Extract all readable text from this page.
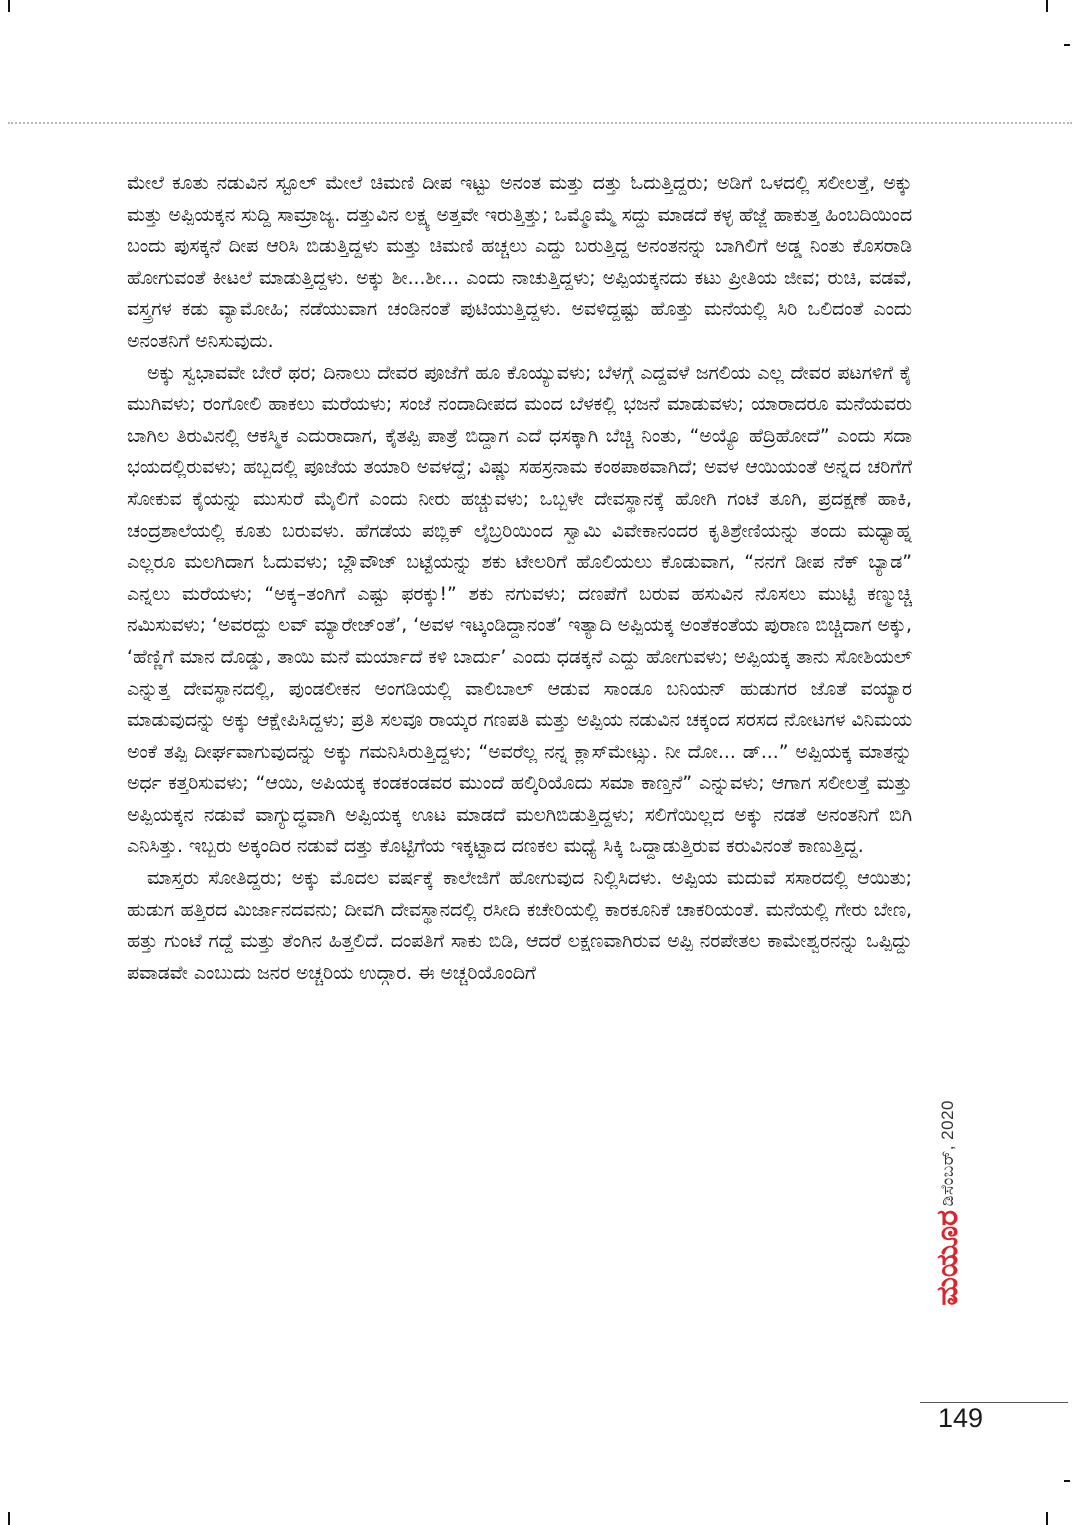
ಮೇಲೆ ಕೂತು ನಡುವಿನ ಸ್ಟೂಲ್ ಮೇಲೆ ಚಿಮಣಿ ದೀಪ ಇಟ್ಟು ಅನಂತ ಮತ್ತು ದತ್ತು ಓದುತ್ತಿದ್ದರು; ಅಡಿಗೆ ಒಳದಲ್ಲಿ ಸಲೀಲತ್ತೆ, ಅಕ್ಕು ಮತ್ತು ಅಪ್ಪಿಯಕ್ಕನ ಸುದ್ದಿ ಸಾಮ್ರಾಜ್ಯ. ದತ್ತುವಿನ ಲಕ್ಷ್ಯ ಅತ್ತವೇ ಇರುತ್ತಿತ್ತು; ಒಮ್ಮೊಮ್ಮೆ ಸದ್ದು ಮಾಡದೆ ಕಳ್ಳ ಹೆಜ್ಜೆ ಹಾಕುತ್ತ ಹಿಂಬದಿಯಿಂದ ಬಂದು ಪುಸಕ್ಕನೆ ದೀಪ ಆರಿಸಿ ಬಿಡುತ್ತಿದ್ದಳು ಮತ್ತು ಚಿಮಣಿ ಹಚ್ಚಲು ಎದ್ದು ಬರುತ್ತಿದ್ದ ಅನಂತನನ್ನು ಬಾಗಿಲಿಗೆ ಅಡ್ಡ ನಿಂತು ಕೊಸರಾಡಿ ಹೋಗುವಂತೆ ಕೀಟಲೆ ಮಾಡುತ್ತಿದ್ದಳು. ಅಕ್ಕು ಶೀ...ಶೀ... ಎಂದು ನಾಚುತ್ತಿದ್ದಳು; ಅಪ್ಪಿಯಕ್ಕನದು ಕಟು ಪ್ರೀತಿಯ ಜೀವ; ರುಚಿ, ವಡವೆ, ವಸ್ತ್ರಗಳ ಕಡು ವ್ಯಾಮೋಹಿ; ನಡೆಯುವಾಗ ಚಂಡಿನಂತೆ ಪುಟಿಯುತ್ತಿದ್ದಳು. ಅವಳಿದ್ದಷ್ಟು ಹೊತ್ತು ಮನೆಯಲ್ಲಿ ಸಿರಿ ಒಲಿದಂತೆ ಎಂದು ಅನಂತನಿಗೆ ಅನಿಸುವುದು.

ಅಕ್ಕು ಸ್ವಭಾವವೇ ಬೇರೆ ಥರ; ದಿನಾಲು ದೇವರ ಪೂಜೆಗೆ ಹೂ ಕೊಯ್ಯುವಳು; ಬೆಳಗ್ಗೆ ಎದ್ದವಳೆ ಜಗಲಿಯ ಎಲ್ಲ ದೇವರ ಪಟಗಳಿಗೆ ಕೈ ಮುಗಿವಳು; ರಂಗೋಲಿ ಹಾಕಲು ಮರೆಯಳು; ಸಂಜೆ ನಂದಾದೀಪದ ಮಂದ ಬೆಳಕಲ್ಲಿ ಭಜನೆ ಮಾಡುವಳು; ಯಾರಾದರೂ ಮನೆಯವರು ಬಾಗಿಲ ತಿರುವಿನಲ್ಲಿ ಆಕಸ್ಮಿಕ ಎದುರಾದಾಗ, ಕೈತಪ್ಪಿ ಪಾತ್ರೆ ಬಿದ್ದಾಗ ಎದೆ ಧಸಕ್ಕಾಗಿ ಬೆಚ್ಚಿ ನಿಂತು, “ಅಯ್ಯೊ ಹೆದ್ರಿಹೋದೆ” ಎಂದು ಸದಾ ಭಯದಲ್ಲಿರುವಳು; ಹಬ್ಬದಲ್ಲಿ ಪೂಜೆಯ ತಯಾರಿ ಅವಳದ್ದೆ; ವಿಷ್ಣು ಸಹಸ್ರನಾಮ ಕಂಠಪಾಠವಾಗಿದೆ; ಅವಳ ಆಯಿಯಂತೆ ಅನ್ನದ ಚರಿಗೆಗೆ ಸೋಕುವ ಕೈಯನ್ನು ಮುಸುರೆ ಮೈಲಿಗೆ ಎಂದು ನೀರು ಹಚ್ಚುವಳು; ಒಬ್ಬಳೇ ದೇವಸ್ಥಾನಕ್ಕೆ ಹೋಗಿ ಗಂಟೆ ತೂಗಿ, ಪ್ರದಕ್ಷಣೆ ಹಾಕಿ, ಚಂದ್ರಶಾಲೆಯಲ್ಲಿ ಕೂತು ಬರುವಳು. ಹೆಗಡೆಯ ಪಬ್ಲಿಕ್ ಲೈಬ್ರರಿಯಿಂದ ಸ್ವಾಮಿ ವಿವೇಕಾನಂದರ ಕೃತಿಶ್ರೇಣಿಯನ್ನು ತಂದು ಮಧ್ಯಾಹ್ನ ಎಲ್ಲರೂ ಮಲಗಿದಾಗ ಓದುವಳು; ಬ್ಲೌವೌಜ್ ಬಟ್ಟೆಯನ್ನು ಶಕು ಟೇಲರಿಗೆ ಹೊಲಿಯಲು ಕೊಡುವಾಗ, “ನನಗೆ ಡೀಪ ನೆಕ್ ಬ್ಯಾಡ” ಎನ್ನಲು ಮರೆಯಳು; “ಅಕ್ಕ–ತಂಗಿಗೆ ಎಷ್ಟು ಫರಕ್ಕು!” ಶಕು ನಗುವಳು; ದಣಪೆಗೆ ಬರುವ ಹಸುವಿನ ನೊಸಲು ಮುಟ್ಟಿ ಕಣ್ಮುಚ್ಚಿ ನಮಿಸುವಳು; ‘ಅವರದ್ದು ಲವ್ ಮ್ಯಾರೇಜ್‌ಂತೆ’, ‘ಅವಳ ಇಟ್ಕಂಡಿದ್ದಾನಂತೆ’ ಇತ್ಯಾದಿ ಅಪ್ಪಿಯಕ್ಕ ಅಂತೆಕಂತೆಯ ಪುರಾಣ ಬಿಚ್ಚಿದಾಗ ಅಕ್ಕು, ‘ಹೆಣ್ಣಿಗೆ ಮಾನ ದೊಡ್ಡು, ತಾಯಿ ಮನೆ ಮರ್ಯಾದೆ ಕಳಿ ಬಾರ್ದು’ ಎಂದು ಧಡಕ್ಕನೆ ಎದ್ದು ಹೋಗುವಳು; ಅಪ್ಪಿಯಕ್ಕ ತಾನು ಸೋಶಿಯಲ್ ಎನ್ನುತ್ತ ದೇವಸ್ಥಾನದಲ್ಲಿ, ಪುಂಡಲೀಕನ ಅಂಗಡಿಯಲ್ಲಿ ವಾಲಿಬಾಲ್ ಆಡುವ ಸಾಂಡೂ ಬನಿಯನ್ ಹುಡುಗರ ಜೊತೆ ವಯ್ಯಾರ ಮಾಡುವುದನ್ನು ಅಕ್ಕು ಆಕ್ಷೇಪಿಸಿದ್ದಳು; ಪ್ರತಿ ಸಲವೂ ರಾಯ್ಕರ ಗಣಪತಿ ಮತ್ತು ಅಪ್ಪಿಯ ನಡುವಿನ ಚಕ್ಕಂದ ಸರಸದ ನೋಟಗಳ ವಿನಿಮಯ ಅಂಕೆ ತಪ್ಪಿ ದೀರ್ಘವಾಗುವುದನ್ನು ಅಕ್ಕು ಗಮನಿಸಿರುತ್ತಿದ್ದಳು; “ಅವರೆಲ್ಲ ನನ್ನ ಕ್ಲಾಸ್‌ಮೇಟ್ಸು. ನೀ ದೋ... ಡ್...” ಅಪ್ಪಿಯಕ್ಕ ಮಾತನ್ನು ಅರ್ಧ ಕತ್ತರಿಸುವಳು; “ಆಯಿ, ಅಪಿಯಕ್ಕ ಕಂಡಕಂಡವರ ಮುಂದೆ ಹಲ್ಕಿರಿಯೊದು ಸಮಾ ಕಾಣ್ತನೆ” ಎನ್ನುವಳು; ಆಗಾಗ ಸಲೀಲತ್ತೆ ಮತ್ತು ಅಪ್ಪಿಯಕ್ಕನ ನಡುವೆ ವಾಗ್ಯುದ್ಧವಾಗಿ ಅಪ್ಪಿಯಕ್ಕ ಊಟ ಮಾಡದೆ ಮಲಗಿಬಿಡುತ್ತಿದ್ದಳು; ಸಲಿಗೆಯಿಲ್ಲದ ಅಕ್ಕು ನಡತೆ ಅನಂತನಿಗೆ ಬಿಗಿ ಎನಿಸಿತ್ತು. ಇಬ್ಬರು ಅಕ್ಕಂದಿರ ನಡುವೆ ದತ್ತು ಕೊಟ್ಟಿಗೆಯ ಇಕ್ಕಟ್ಟಾದ ದಣಕಲ ಮಧ್ಯೆ ಸಿಕ್ಕಿ ಒದ್ದಾಡುತ್ತಿರುವ ಕರುವಿನಂತೆ ಕಾಣುತ್ತಿದ್ದ.

ಮಾಸ್ತರು ಸೋತಿದ್ದರು; ಅಕ್ಕು ಮೊದಲ ವರ್ಷಕ್ಕೆ ಕಾಲೇಜಿಗೆ ಹೋಗುವುದ ನಿಲ್ಲಿಸಿದಳು. ಅಪ್ಪಿಯ ಮದುವೆ ಸಸಾರದಲ್ಲಿ ಆಯಿತು; ಹುಡುಗ ಹತ್ತಿರದ ಮಿರ್ಜಾನದವನು; ದೀವಗಿ ದೇವಸ್ಥಾನದಲ್ಲಿ ರಸೀದಿ ಕಚೇರಿಯಲ್ಲಿ ಕಾರಕೂನಿಕೆ ಚಾಕರಿಯಂತೆ. ಮನೆಯಲ್ಲಿ ಗೇರು ಬೇಣ, ಹತ್ತು ಗುಂಟೆ ಗದ್ದೆ ಮತ್ತು ತೆಂಗಿನ ಹಿತ್ತಲಿದೆ. ದಂಪತಿಗೆ ಸಾಕು ಬಿಡಿ, ಆದರೆ ಲಕ್ಷಣವಾಗಿರುವ ಅಪ್ಪಿ ನರಪೇತಲ ಕಾಮೇಶ್ವರನನ್ನು ಒಪ್ಪಿದ್ದು ಪವಾಡವೇ ಎಂಬುದು ಜನರ ಅಚ್ಚರಿಯ ಉದ್ಗಾರ. ಈ ಅಚ್ಚರಿಯೊಂದಿಗೆ

ಡಿಸೆಂಬರ್, 2020
ಮಯೂರ
149
